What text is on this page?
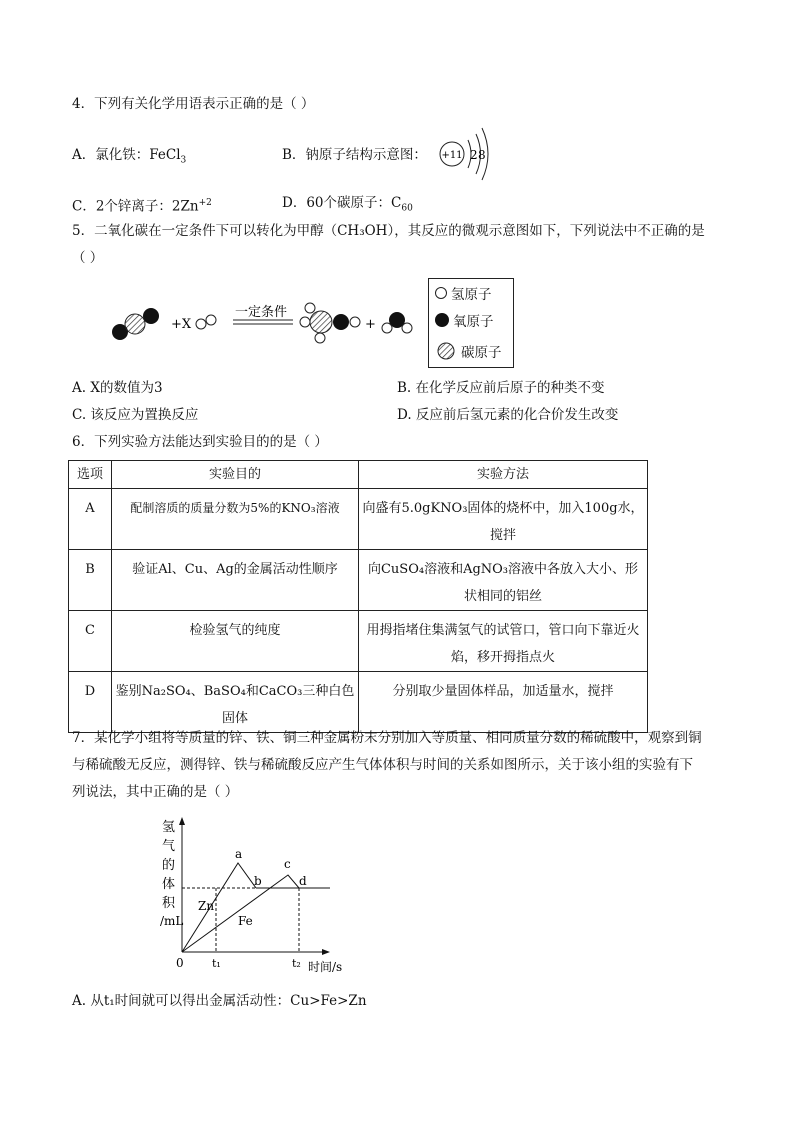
4．下列有关化学用语表示正确的是（ ）
A．氯化铁：FeCl$_3$	B．钠原子结构示意图： +11 2 8
C．2个锌离子：$2Zn^{+2}$	D．60个碳原子：$C_{60}$
5．二氧化碳在一定条件下可以转化为甲醇（CH₃OH），其反应的微观示意图如下，下列说法中不正确的是
（ ）
+X
一定条件
+
氢原子
氧原子
碳原子
A. X的数值为3	B. 在化学反应前后原子的种类不变
C. 该反应为置换反应	D. 反应前后氢元素的化合价发生改变
6．下列实验方法能达到实验目的的是（ ）
选项	实验目的	实验方法
A	配制溶质的质量分数为5%的KNO₃溶液	向盛有5.0gKNO₃固体的烧杯中，加入100g水，搅拌
B	验证Al、Cu、Ag的金属活动性顺序	向CuSO₄溶液和AgNO₃溶液中各放入大小、形状相同的铝丝
C	检验氢气的纯度	用拇指堵住集满氢气的试管口，管口向下靠近火焰，移开拇指点火
D	鉴别Na₂SO₄、BaSO₄和CaCO₃三种白色固体	分别取少量固体样品，加适量水，搅拌
7．某化学小组将等质量的锌、铁、铜三种金属粉末分别加入等质量、相同质量分数的稀硫酸中，观察到铜
与稀硫酸无反应，测得锌、铁与稀硫酸反应产生气体体积与时间的关系如图所示，关于该小组的实验有下
列说法，其中正确的是（ ）
氢
气
的
体
积
/mL
0	t₁	t₂ 时间/s
a
b
c
d
Zn
Fe
A. 从t₁时间就可以得出金属活动性：Cu>Fe>Zn
